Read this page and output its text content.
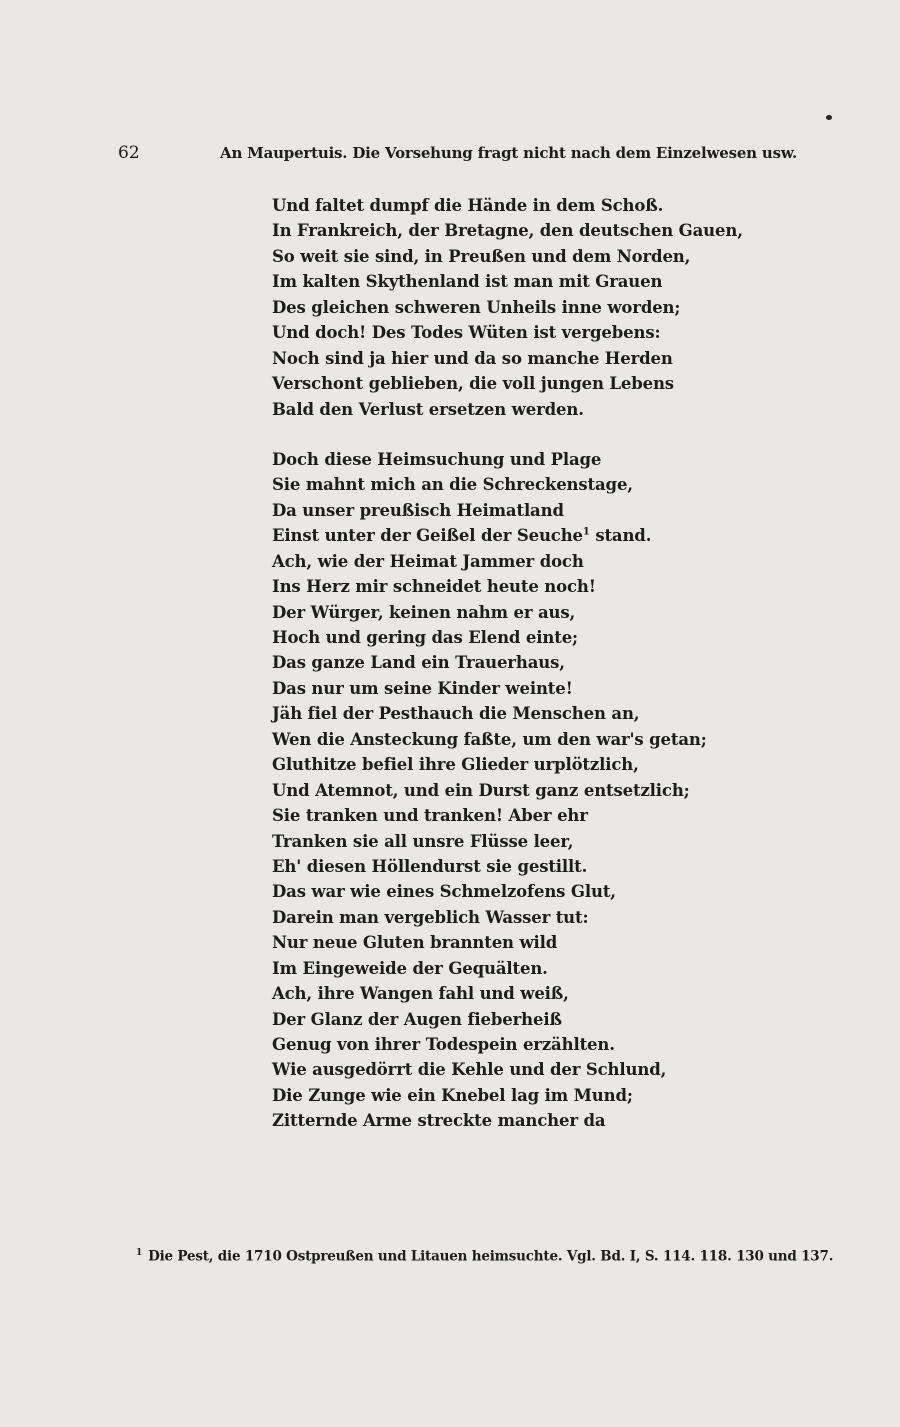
62	An Maupertuis. Die Vorsehung fragt nicht nach dem Einzelwesen usw.
Und faltet dumpf die Hände in dem Schoß.
In Frankreich, der Bretagne, den deutschen Gauen,
So weit sie sind, in Preußen und dem Norden,
Im kalten Skythenland ist man mit Grauen
Des gleichen schweren Unheils inne worden;
Und doch! Des Todes Wüten ist vergebens:
Noch sind ja hier und da so manche Herden
Verschont geblieben, die voll jungen Lebens
Bald den Verlust ersetzen werden.
Doch diese Heimsuchung und Plage
Sie mahnt mich an die Schreckenstage,
Da unser preußisch Heimatland
Einst unter der Geißel der Seuche$^1$ stand.
Ach, wie der Heimat Jammer doch
Ins Herz mir schneidet heute noch!
Der Würger, keinen nahm er aus,
Hoch und gering das Elend einte;
Das ganze Land ein Trauerhaus,
Das nur um seine Kinder weinte!
Jäh fiel der Pesthauch die Menschen an,
Wen die Ansteckung faßte, um den war's getan;
Gluthitze befiel ihre Glieder urplötzlich,
Und Atemnot, und ein Durst ganz entsetzlich;
Sie tranken und tranken! Aber ehr
Tranken sie all unsre Flüsse leer,
Eh' diesen Höllendurst sie gestillt.
Das war wie eines Schmelzofens Glut,
Darein man vergeblich Wasser tut:
Nur neue Gluten brannten wild
Im Eingeweide der Gequälten.
Ach, ihre Wangen fahl und weiß,
Der Glanz der Augen fieberheiß
Genug von ihrer Todespein erzählten.
Wie ausgedörrt die Kehle und der Schlund,
Die Zunge wie ein Knebel lag im Mund;
Zitternde Arme streckte mancher da
$^1$ Die Pest, die 1710 Ostpreußen und Litauen heimsuchte. Vgl. Bd. I, S. 114. 118. 130 und 137.
